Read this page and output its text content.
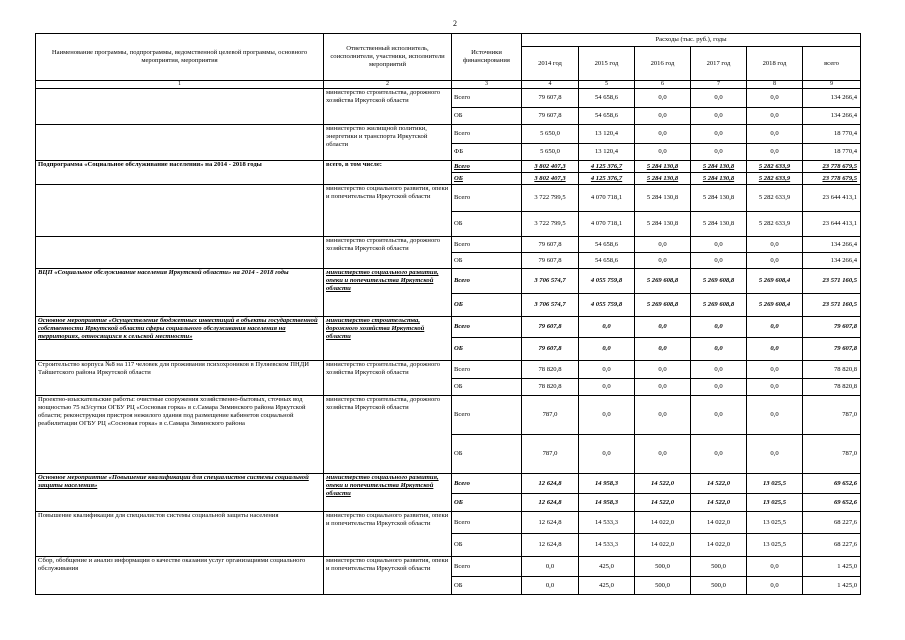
2
Наименование программы, подпрограммы, ведомственной целевой программы, основного мероприятия, мероприятия	Ответственный исполнитель, соисполнители, участники, исполнители мероприятий	Источники финансирования	Расходы (тыс. руб.), годы					
			2014 год	2015 год	2016 год	2017 год	2018 год	всего
1	2	3	4	5	6	7	8	9
	министерство строительства, дорожного хозяйства Иркутской области	Всего	79 607,8	54 658,6	0,0	0,0	0,0	134 266,4
		ОБ	79 607,8	54 658,6	0,0	0,0	0,0	134 266,4
	министерство жилищной политики, энергетики и транспорта Иркутской области	Всего	5 650,0	13 120,4	0,0	0,0	0,0	18 770,4
		ФБ	5 650,0	13 120,4	0,0	0,0	0,0	18 770,4
Подпрограмма «Социальное обслуживание населения» на 2014 - 2018 годы	всего, в том числе:	Всего	3 802 407,3	4 125 376,7	5 284 130,8	5 284 130,8	5 282 633,9	23 778 679,5
		ОБ	3 802 407,3	4 125 376,7	5 284 130,8	5 284 130,8	5 282 633,9	23 778 679,5
	министерство социального развития, опеки и попечительства Иркутской области	Всего	3 722 799,5	4 070 718,1	5 284 130,8	5 284 130,8	5 282 633,9	23 644 413,1
		ОБ	3 722 799,5	4 070 718,1	5 284 130,8	5 284 130,8	5 282 633,9	23 644 413,1
	министерство строительства, дорожного хозяйства Иркутской области	Всего	79 607,8	54 658,6	0,0	0,0	0,0	134 266,4
		ОБ	79 607,8	54 658,6	0,0	0,0	0,0	134 266,4
ВЦП «Социальное обслуживание населения Иркутской области» на 2014 - 2018 годы	министерство социального развития, опеки и попечительства Иркутской области	Всего	3 706 574,7	4 055 759,8	5 269 608,8	5 269 608,8	5 269 608,4	23 571 160,5
		ОБ	3 706 574,7	4 055 759,8	5 269 608,8	5 269 608,8	5 269 608,4	23 571 160,5
Основное мероприятие «Осуществление бюджетных инвестиций в объекты государственной собственности Иркутской области сферы социального обслуживания населения на территориях, относящихся к сельской местности»	министерство строительства, дорожного хозяйства Иркутской области	Всего	79 607,8	0,0	0,0	0,0	0,0	79 607,8
		ОБ	79 607,8	0,0	0,0	0,0	0,0	79 607,8
Строительство корпуса №8 на 117 человек для проживания психохроников в Пуляевском ПНДИ Тайшетского района Иркутской области	министерство строительства, дорожного хозяйства Иркутской области	Всего	78 820,8	0,0	0,0	0,0	0,0	78 820,8
		ОБ	78 820,8	0,0	0,0	0,0	0,0	78 820,8
Проектно-изыскательские работы: очистные сооружения хозяйственно-бытовых, сточных вод мощностью 75 м3/сутки ОГБУ РЦ «Сосновая горка» в с.Самара Зиминского района Иркутской области; реконструкция пристроя нежилого здания под размещение кабинетов социальной реабилитации ОГБУ РЦ «Сосновая горка» в с.Самара Зиминского района	министерство строительства, дорожного хозяйства Иркутской области	Всего	787,0	0,0	0,0	0,0	0,0	787,0
		ОБ	787,0	0,0	0,0	0,0	0,0	787,0
Основное мероприятие «Повышение квалификации для специалистов системы социальной защиты населения»	министерство социального развития, опеки и попечительства Иркутской области	Всего	12 624,8	14 958,3	14 522,0	14 522,0	13 025,5	69 652,6
		ОБ	12 624,8	14 958,3	14 522,0	14 522,0	13 025,5	69 652,6
Повышение квалификации для специалистов системы социальной защиты населения	министерство социального развития, опеки и попечительства Иркутской области	Всего	12 624,8	14 533,3	14 022,0	14 022,0	13 025,5	68 227,6
		ОБ	12 624,8	14 533,3	14 022,0	14 022,0	13 025,5	68 227,6
Сбор, обобщение и анализ информации о качестве оказания услуг организациями социального обслуживания	министерство социального развития, опеки и попечительства Иркутской области	Всего	0,0	425,0	500,0	500,0	0,0	1 425,0
		ОБ	0,0	425,0	500,0	500,0	0,0	1 425,0
